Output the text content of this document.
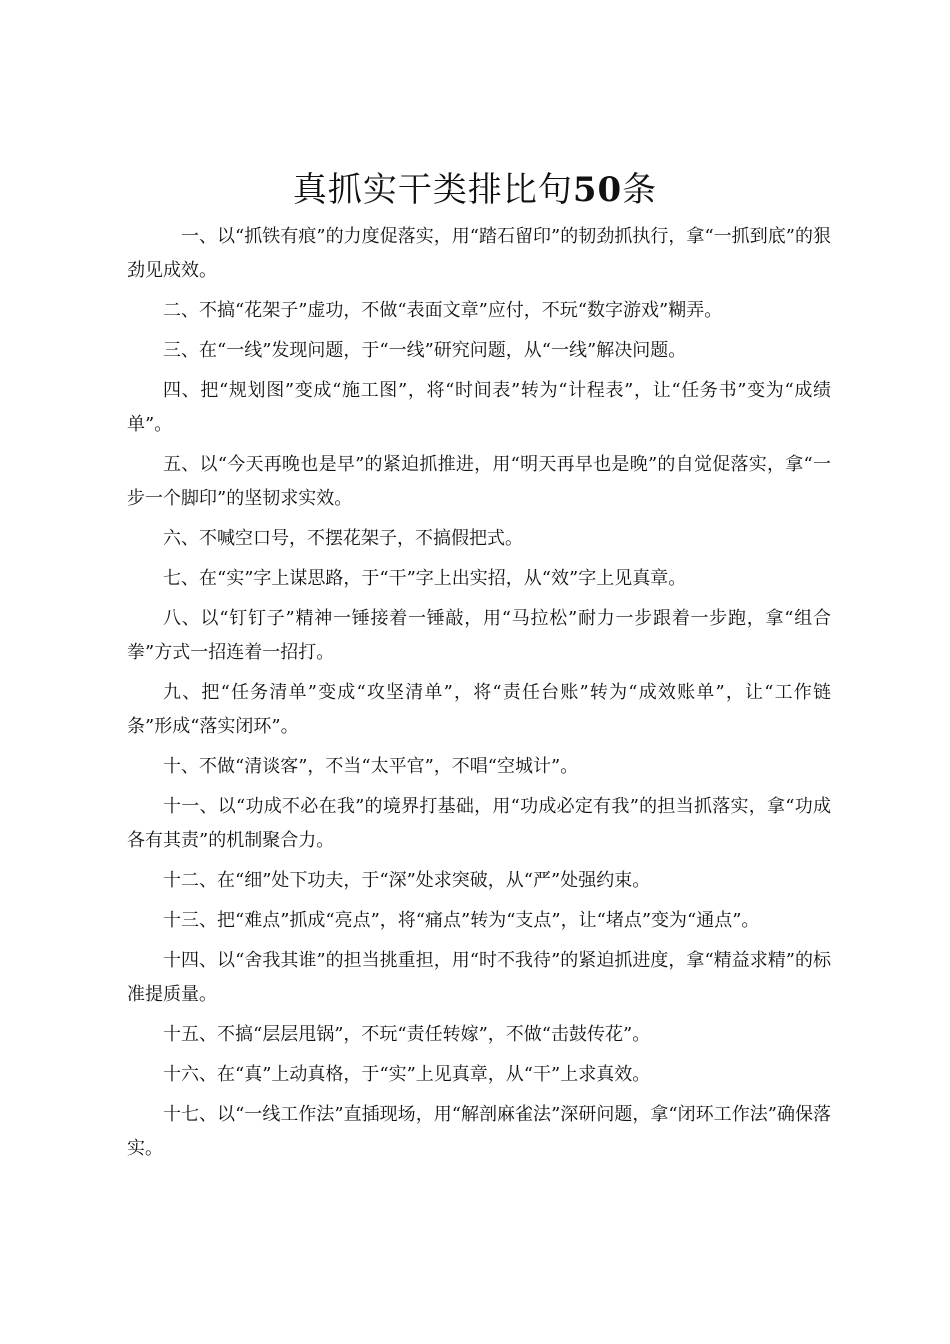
真抓实干类排比句50条

一、以“抓铁有痕”的力度促落实，用“踏石留印”的韧劲抓执行，拿“一抓到底”的狠劲见成效。

二、不搞“花架子”虚功，不做“表面文章”应付，不玩“数字游戏”糊弄。

三、在“一线”发现问题，于“一线”研究问题，从“一线”解决问题。

四、把“规划图”变成“施工图”，将“时间表”转为“计程表”，让“任务书”变为“成绩单”。

五、以“今天再晚也是早”的紧迫抓推进，用“明天再早也是晚”的自觉促落实，拿“一步一个脚印”的坚韧求实效。

六、不喊空口号，不摆花架子，不搞假把式。

七、在“实”字上谋思路，于“干”字上出实招，从“效”字上见真章。

八、以“钉钉子”精神一锤接着一锤敲，用“马拉松”耐力一步跟着一步跑，拿“组合拳”方式一招连着一招打。

九、把“任务清单”变成“攻坚清单”，将“责任台账”转为“成效账单”，让“工作链条”形成“落实闭环”。

十、不做“清谈客”，不当“太平官”，不唱“空城计”。

十一、以“功成不必在我”的境界打基础，用“功成必定有我”的担当抓落实，拿“功成各有其责”的机制聚合力。

十二、在“细”处下功夫，于“深”处求突破，从“严”处强约束。

十三、把“难点”抓成“亮点”，将“痛点”转为“支点”，让“堵点”变为“通点”。

十四、以“舍我其谁”的担当挑重担，用“时不我待”的紧迫抓进度，拿“精益求精”的标准提质量。

十五、不搞“层层甩锅”，不玩“责任转嫁”，不做“击鼓传花”。

十六、在“真”上动真格，于“实”上见真章，从“干”上求真效。

十七、以“一线工作法”直插现场，用“解剖麻雀法”深研问题，拿“闭环工作法”确保落实。
